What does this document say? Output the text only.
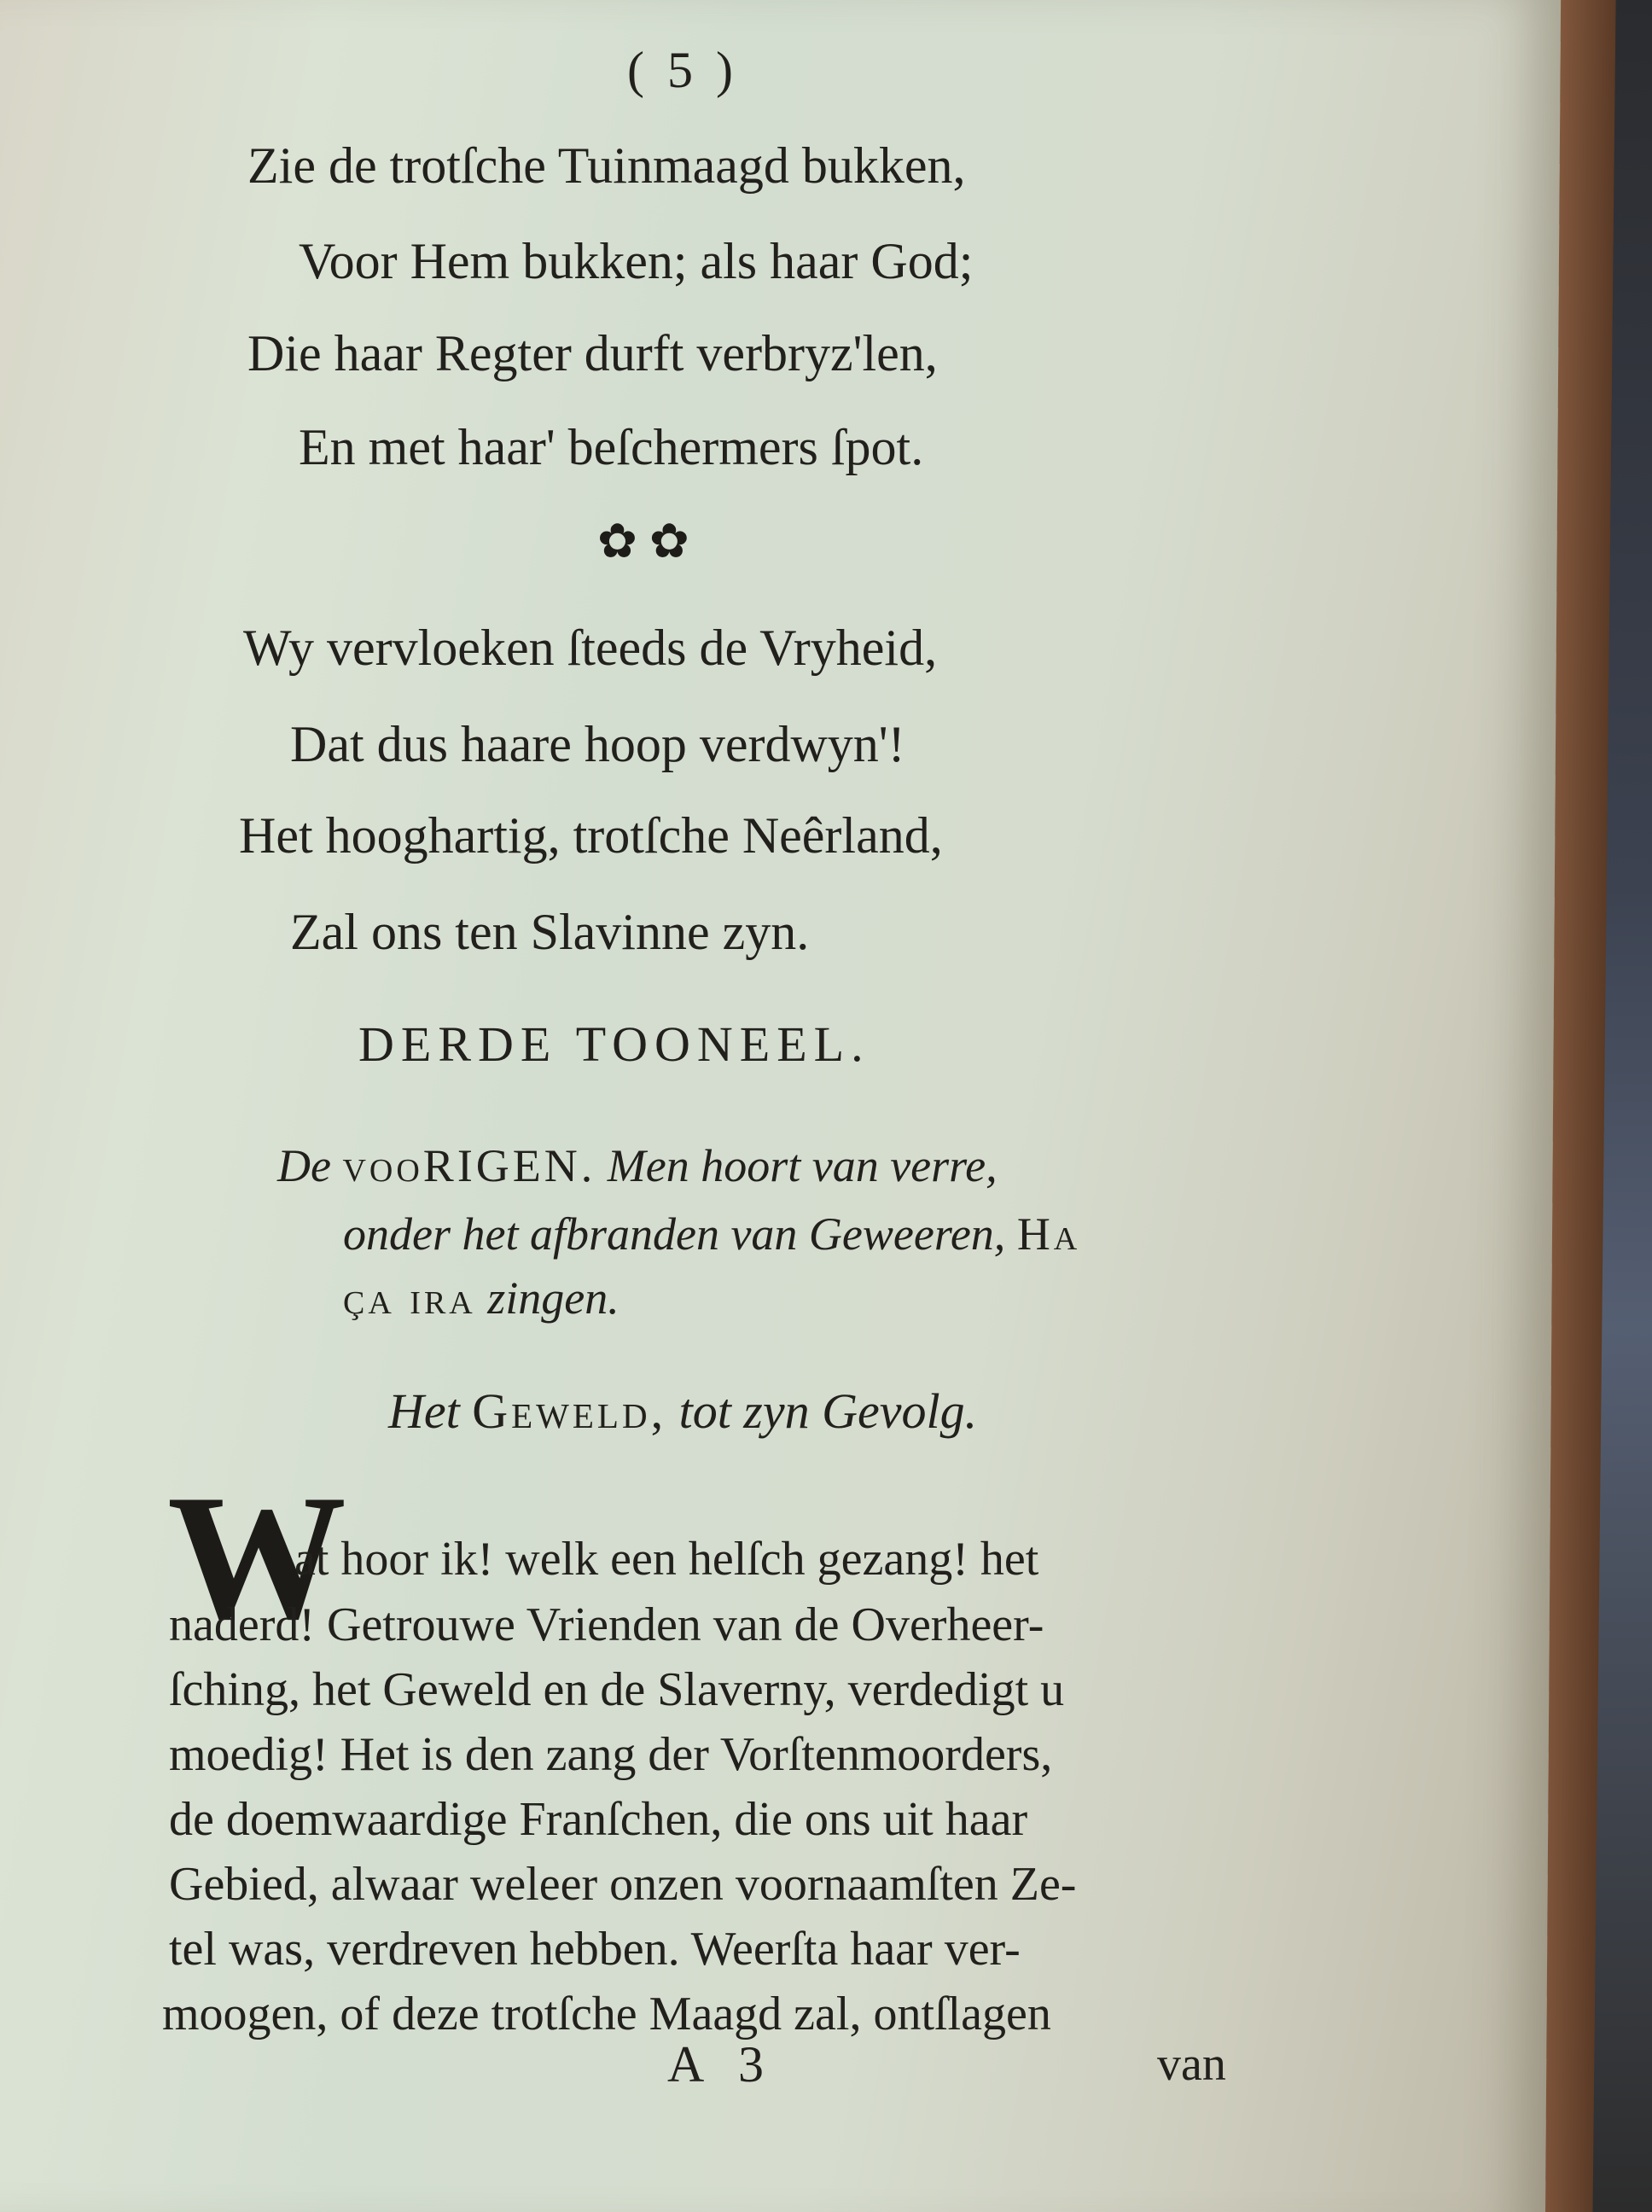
( 5 )
Zie de trotſche Tuinmaagd bukken,
Voor Hem bukken; als haar God;
Die haar Regter durft verbryz'len,
En met haar' beſchermers ſpot.
✿ ✿
Wy vervloeken ſteeds de Vryheid,
Dat dus haare hoop verdwyn'!
Het hooghartig, trotſche Neêrland,
Zal ons ten Slavinne zyn.
DERDE TOONEEL.
De vooRIGEN. Men hoort van verre,
onder het afbranden van Geweeren, Ha
ça ira zingen.
Het Geweld, tot zyn Gevolg.
W
at hoor ik! welk een helſch gezang! het
naderd! Getrouwe Vrienden van de Overheer-
ſching, het Geweld en de Slaverny, verdedigt u
moedig! Het is den zang der Vorſtenmoorders,
de doemwaardige Franſchen, die ons uit haar
Gebied, alwaar weleer onzen voornaamſten Ze-
tel was, verdreven hebben. Weerſta haar ver-
moogen, of deze trotſche Maagd zal, ontſlagen
A 3	van
